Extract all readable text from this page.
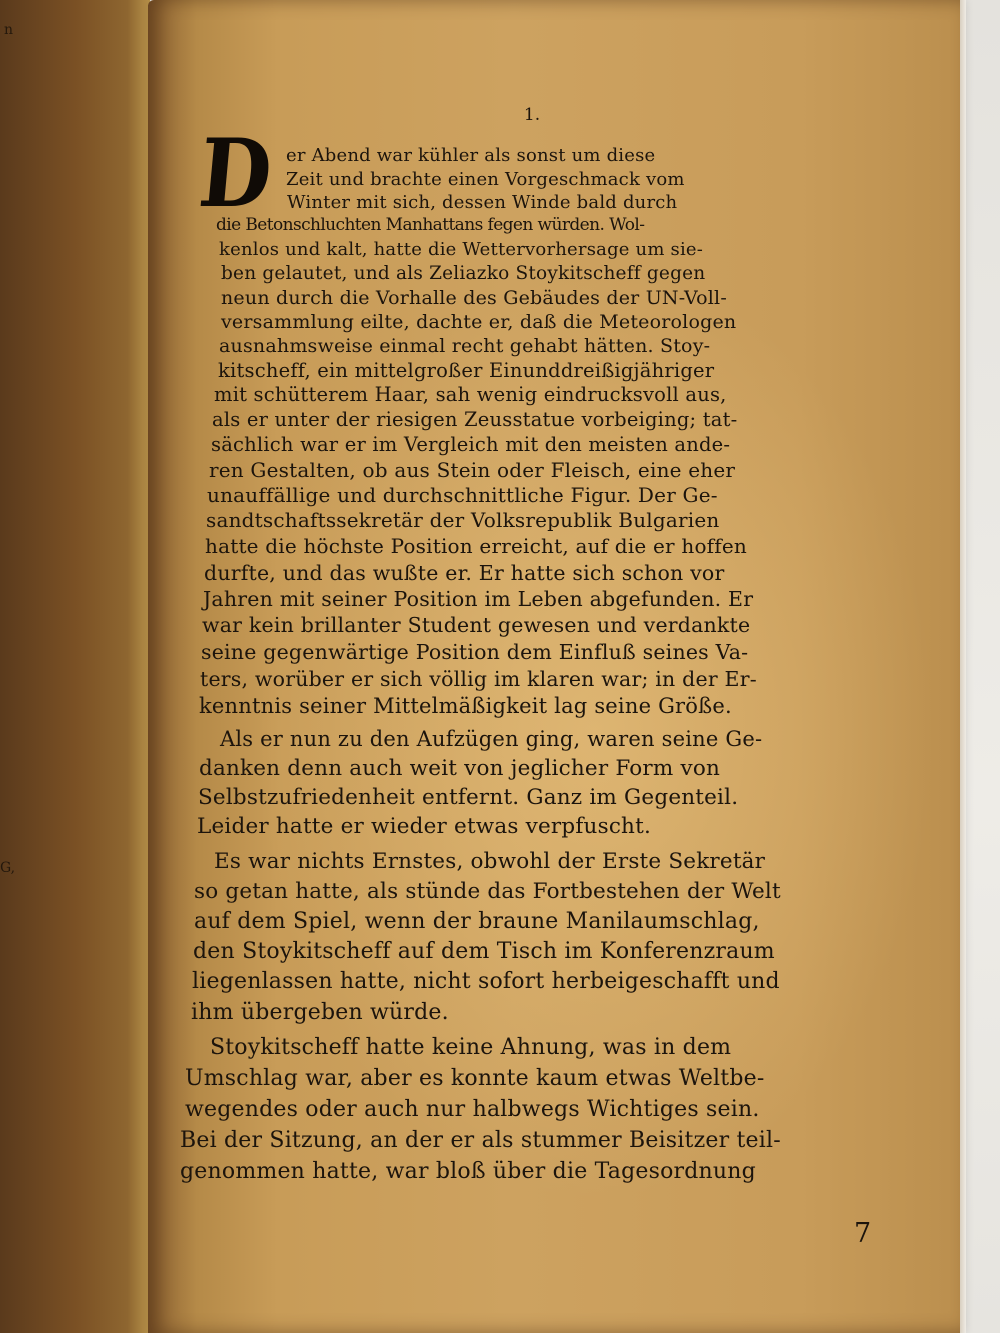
n
G,
1.
D er Abend war kühler als sonst um diese
Zeit und brachte einen Vorgeschmack vom
Winter mit sich, dessen Winde bald durch
die Betonschluchten Manhattans fegen würden. Wol-
kenlos und kalt, hatte die Wettervorhersage um sie-
ben gelautet, und als Zeliazko Stoykitscheff gegen
neun durch die Vorhalle des Gebäudes der UN-Voll-
versammlung eilte, dachte er, daß die Meteorologen
ausnahmsweise einmal recht gehabt hätten. Stoy-
kitscheff, ein mittelgroßer Einunddreißigjähriger
mit schütterem Haar, sah wenig eindrucksvoll aus,
als er unter der riesigen Zeusstatue vorbeiging; tat-
sächlich war er im Vergleich mit den meisten ande-
ren Gestalten, ob aus Stein oder Fleisch, eine eher
unauffällige und durchschnittliche Figur. Der Ge-
sandtschaftssekretär der Volksrepublik Bulgarien
hatte die höchste Position erreicht, auf die er hoffen
durfte, und das wußte er. Er hatte sich schon vor
Jahren mit seiner Position im Leben abgefunden. Er
war kein brillanter Student gewesen und verdankte
seine gegenwärtige Position dem Einfluß seines Va-
ters, worüber er sich völlig im klaren war; in der Er-
kenntnis seiner Mittelmäßigkeit lag seine Größe.
Als er nun zu den Aufzügen ging, waren seine Ge-
danken denn auch weit von jeglicher Form von
Selbstzufriedenheit entfernt. Ganz im Gegenteil.
Leider hatte er wieder etwas verpfuscht.
Es war nichts Ernstes, obwohl der Erste Sekretär
so getan hatte, als stünde das Fortbestehen der Welt
auf dem Spiel, wenn der braune Manilaumschlag,
den Stoykitscheff auf dem Tisch im Konferenzraum
liegenlassen hatte, nicht sofort herbeigeschafft und
ihm übergeben würde.
Stoykitscheff hatte keine Ahnung, was in dem
Umschlag war, aber es konnte kaum etwas Weltbe-
wegendes oder auch nur halbwegs Wichtiges sein.
Bei der Sitzung, an der er als stummer Beisitzer teil-
genommen hatte, war bloß über die Tagesordnung
7
